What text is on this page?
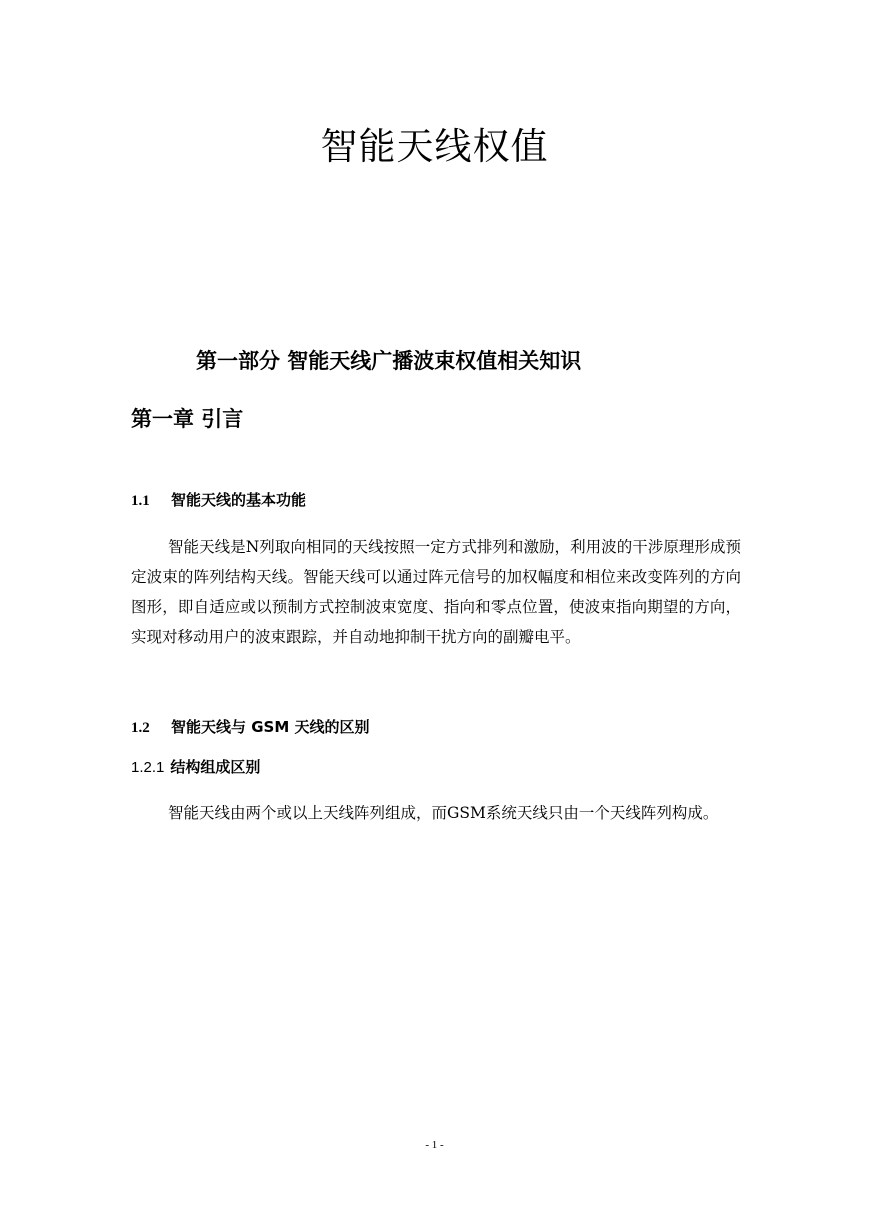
智能天线权值
第一部分 智能天线广播波束权值相关知识
第一章 引言
1.1 智能天线的基本功能
智能天线是N列取向相同的天线按照一定方式排列和激励，利用波的干涉原理形成预定波束的阵列结构天线。智能天线可以通过阵元信号的加权幅度和相位来改变阵列的方向图形，即自适应或以预制方式控制波束宽度、指向和零点位置，使波束指向期望的方向，实现对移动用户的波束跟踪，并自动地抑制干扰方向的副瓣电平。
1.2 智能天线与 GSM 天线的区别
1.2.1 结构组成区别
智能天线由两个或以上天线阵列组成，而GSM系统天线只由一个天线阵列构成。
- 1 -
